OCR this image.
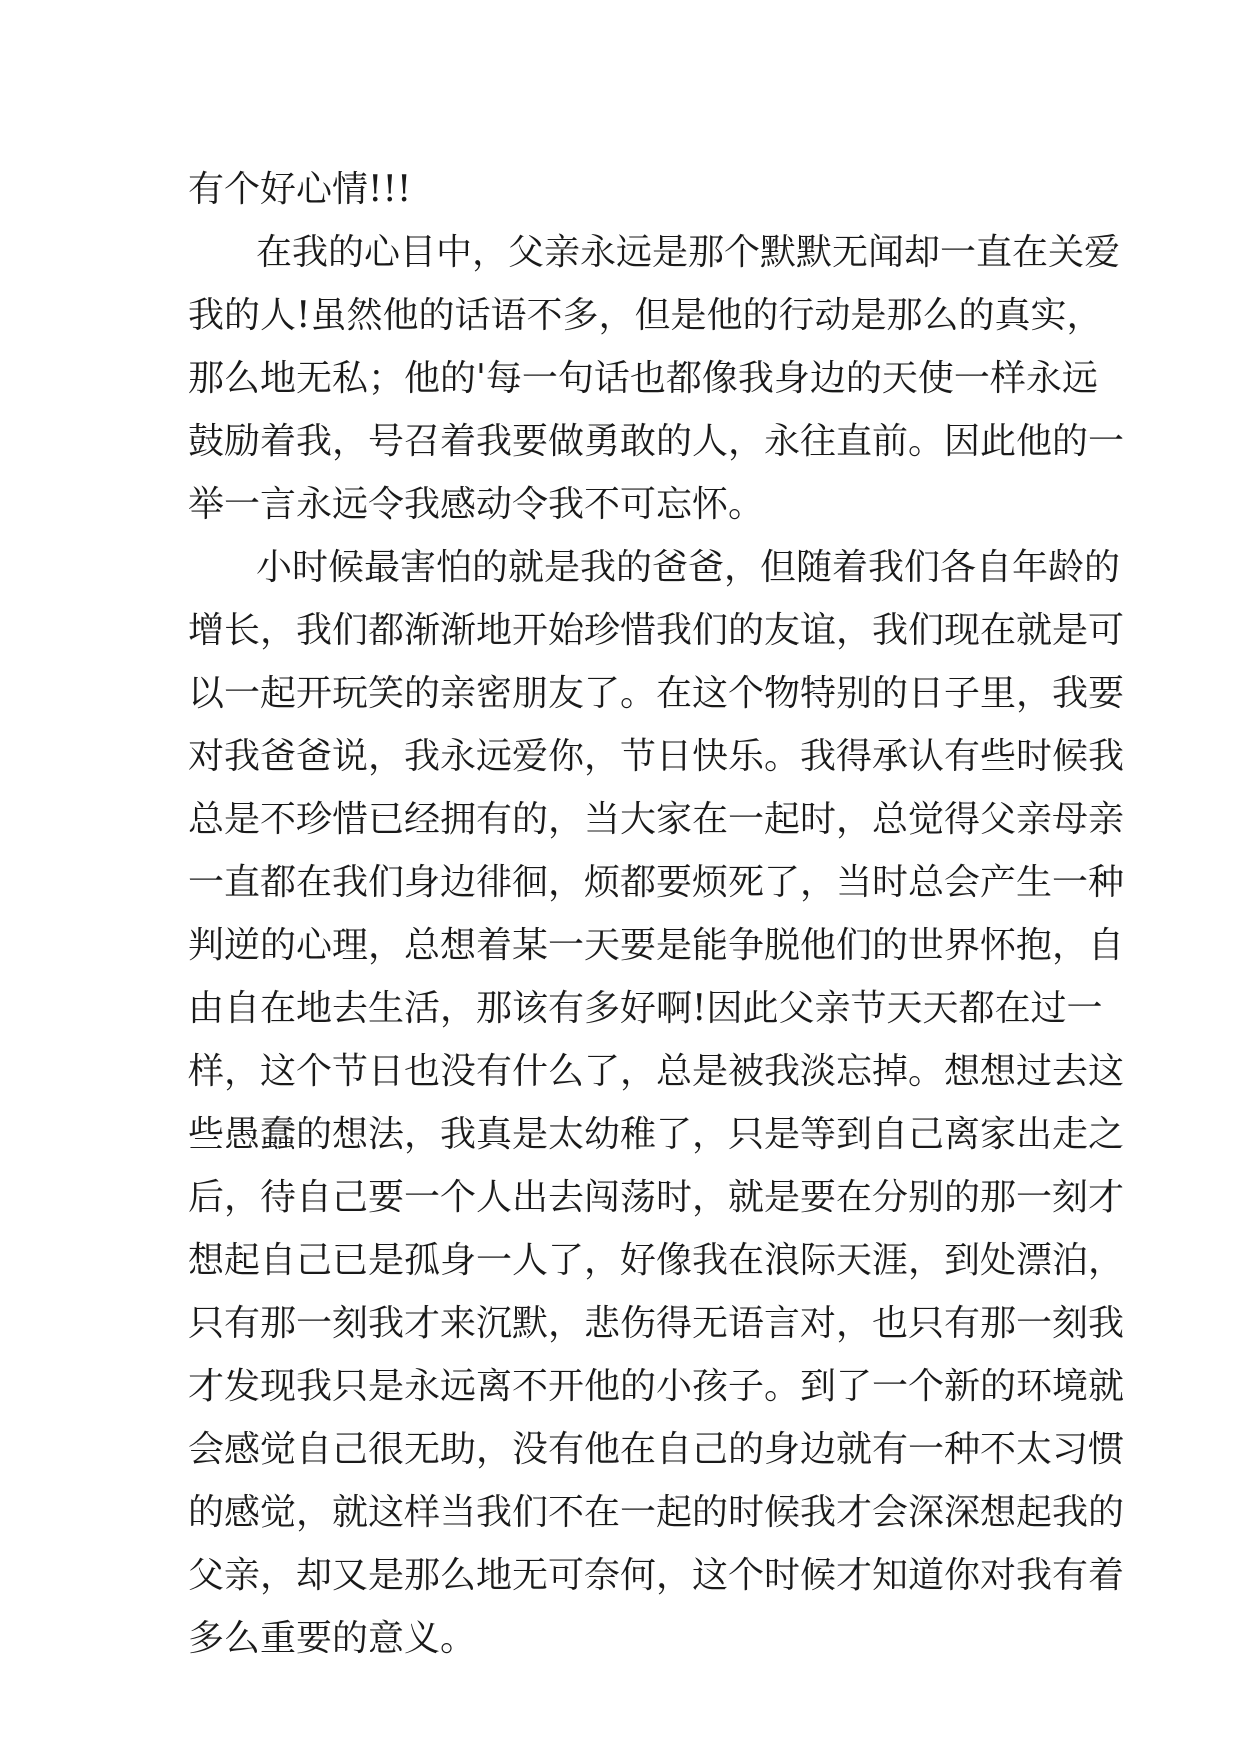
有个好心情!!!
在我的心目中，父亲永远是那个默默无闻却一直在关爱
我的人!虽然他的话语不多，但是他的行动是那么的真实，
那么地无私；他的'每一句话也都像我身边的天使一样永远
鼓励着我，号召着我要做勇敢的人，永往直前。因此他的一
举一言永远令我感动令我不可忘怀。
小时候最害怕的就是我的爸爸，但随着我们各自年龄的
增长，我们都渐渐地开始珍惜我们的友谊，我们现在就是可
以一起开玩笑的亲密朋友了。在这个物特别的日子里，我要
对我爸爸说，我永远爱你，节日快乐。我得承认有些时候我
总是不珍惜已经拥有的，当大家在一起时，总觉得父亲母亲
一直都在我们身边徘徊，烦都要烦死了，当时总会产生一种
判逆的心理，总想着某一天要是能争脱他们的世界怀抱，自
由自在地去生活，那该有多好啊!因此父亲节天天都在过一
样，这个节日也没有什么了，总是被我淡忘掉。想想过去这
些愚蠢的想法，我真是太幼稚了，只是等到自己离家出走之
后，待自己要一个人出去闯荡时，就是要在分别的那一刻才
想起自己已是孤身一人了，好像我在浪际天涯，到处漂泊，
只有那一刻我才来沉默，悲伤得无语言对，也只有那一刻我
才发现我只是永远离不开他的小孩子。到了一个新的环境就
会感觉自己很无助，没有他在自己的身边就有一种不太习惯
的感觉，就这样当我们不在一起的时候我才会深深想起我的
父亲，却又是那么地无可奈何，这个时候才知道你对我有着
多么重要的意义。
